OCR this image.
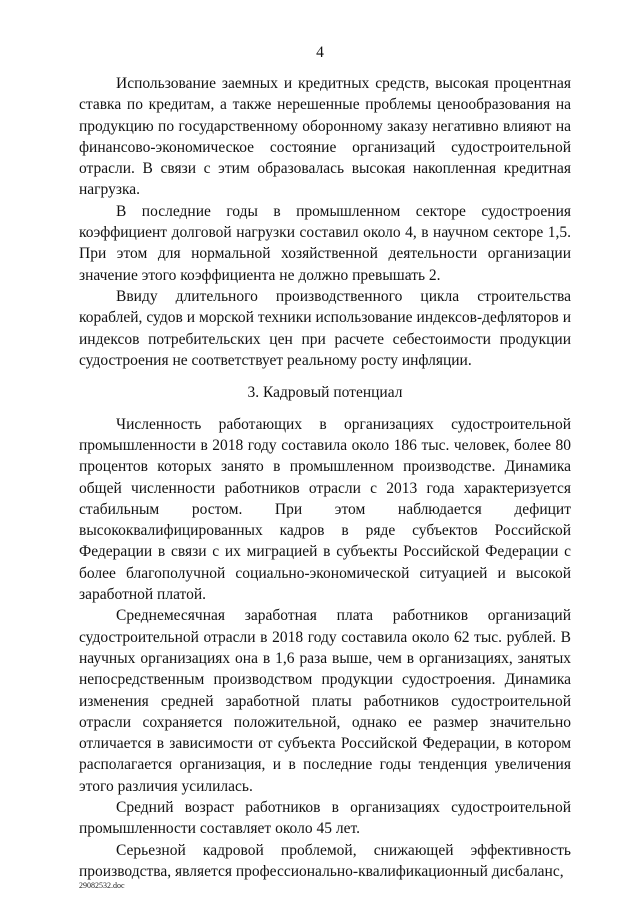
4

Использование заемных и кредитных средств, высокая процентная ставка по кредитам, а также нерешенные проблемы ценообразования на продукцию по государственному оборонному заказу негативно влияют на финансово-экономическое состояние организаций судостроительной отрасли. В связи с этим образовалась высокая накопленная кредитная нагрузка.

В последние годы в промышленном секторе судостроения коэффициент долговой нагрузки составил около 4, в научном секторе 1,5. При этом для нормальной хозяйственной деятельности организации значение этого коэффициента не должно превышать 2.

Ввиду длительного производственного цикла строительства кораблей, судов и морской техники использование индексов-дефляторов и индексов потребительских цен при расчете себестоимости продукции судостроения не соответствует реальному росту инфляции.

3. Кадровый потенциал

Численность работающих в организациях судостроительной промышленности в 2018 году составила около 186 тыс. человек, более 80 процентов которых занято в промышленном производстве. Динамика общей численности работников отрасли с 2013 года характеризуется стабильным ростом. При этом наблюдается дефицит высококвалифицированных кадров в ряде субъектов Российской Федерации в связи с их миграцией в субъекты Российской Федерации с более благополучной социально-экономической ситуацией и высокой заработной платой.

Среднемесячная заработная плата работников организаций судостроительной отрасли в 2018 году составила около 62 тыс. рублей. В научных организациях она в 1,6 раза выше, чем в организациях, занятых непосредственным производством продукции судостроения. Динамика изменения средней заработной платы работников судостроительной отрасли сохраняется положительной, однако ее размер значительно отличается в зависимости от субъекта Российской Федерации, в котором располагается организация, и в последние годы тенденция увеличения этого различия усилилась.

Средний возраст работников в организациях судостроительной промышленности составляет около 45 лет.

Серьезной кадровой проблемой, снижающей эффективность производства, является профессионально-квалификационный дисбаланс,

29082532.doc
